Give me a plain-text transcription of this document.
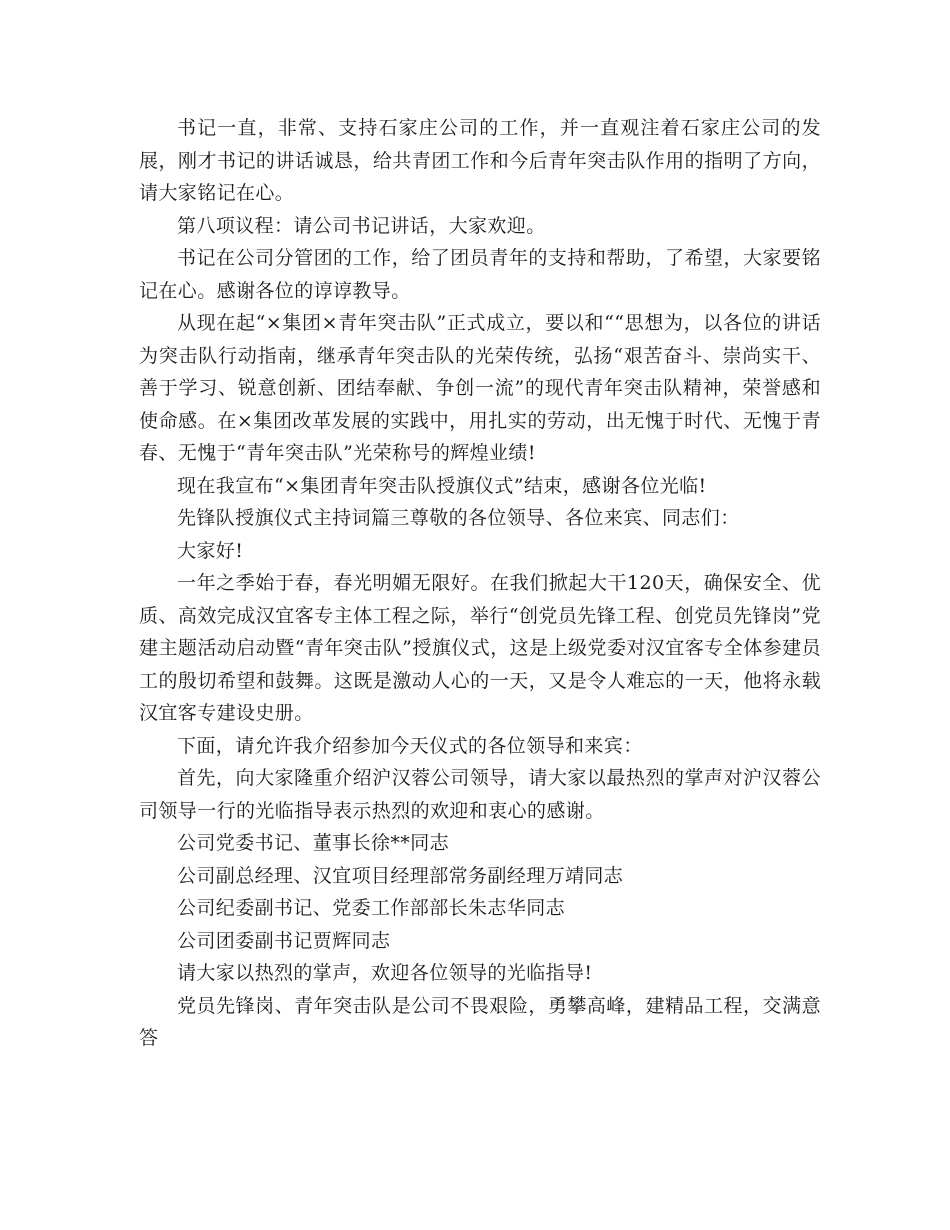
书记一直，非常、支持石家庄公司的工作，并一直观注着石家庄公司的发展，刚才书记的讲话诚恳，给共青团工作和今后青年突击队作用的指明了方向，请大家铭记在心。

第八项议程：请公司书记讲话，大家欢迎。

书记在公司分管团的工作，给了团员青年的支持和帮助，了希望，大家要铭记在心。感谢各位的谆谆教导。

从现在起“×集团×青年突击队”正式成立，要以和““思想为，以各位的讲话为突击队行动指南，继承青年突击队的光荣传统，弘扬“艰苦奋斗、崇尚实干、善于学习、锐意创新、团结奉献、争创一流”的现代青年突击队精神，荣誉感和使命感。在×集团改革发展的实践中，用扎实的劳动，出无愧于时代、无愧于青春、无愧于“青年突击队”光荣称号的辉煌业绩!

现在我宣布“×集团青年突击队授旗仪式”结束，感谢各位光临!

先锋队授旗仪式主持词篇三尊敬的各位领导、各位来宾、同志们：

大家好!

一年之季始于春，春光明媚无限好。在我们掀起大干120天，确保安全、优质、高效完成汉宜客专主体工程之际，举行“创党员先锋工程、创党员先锋岗”党建主题活动启动暨“青年突击队”授旗仪式，这是上级党委对汉宜客专全体参建员工的殷切希望和鼓舞。这既是激动人心的一天，又是令人难忘的一天，他将永载汉宜客专建设史册。

下面，请允许我介绍参加今天仪式的各位领导和来宾：

首先，向大家隆重介绍沪汉蓉公司领导，请大家以最热烈的掌声对沪汉蓉公司领导一行的光临指导表示热烈的欢迎和衷心的感谢。

公司党委书记、董事长徐**同志

公司副总经理、汉宜项目经理部常务副经理万靖同志

公司纪委副书记、党委工作部部长朱志华同志

公司团委副书记贾辉同志

请大家以热烈的掌声，欢迎各位领导的光临指导!

党员先锋岗、青年突击队是公司不畏艰险，勇攀高峰，建精品工程，交满意答
